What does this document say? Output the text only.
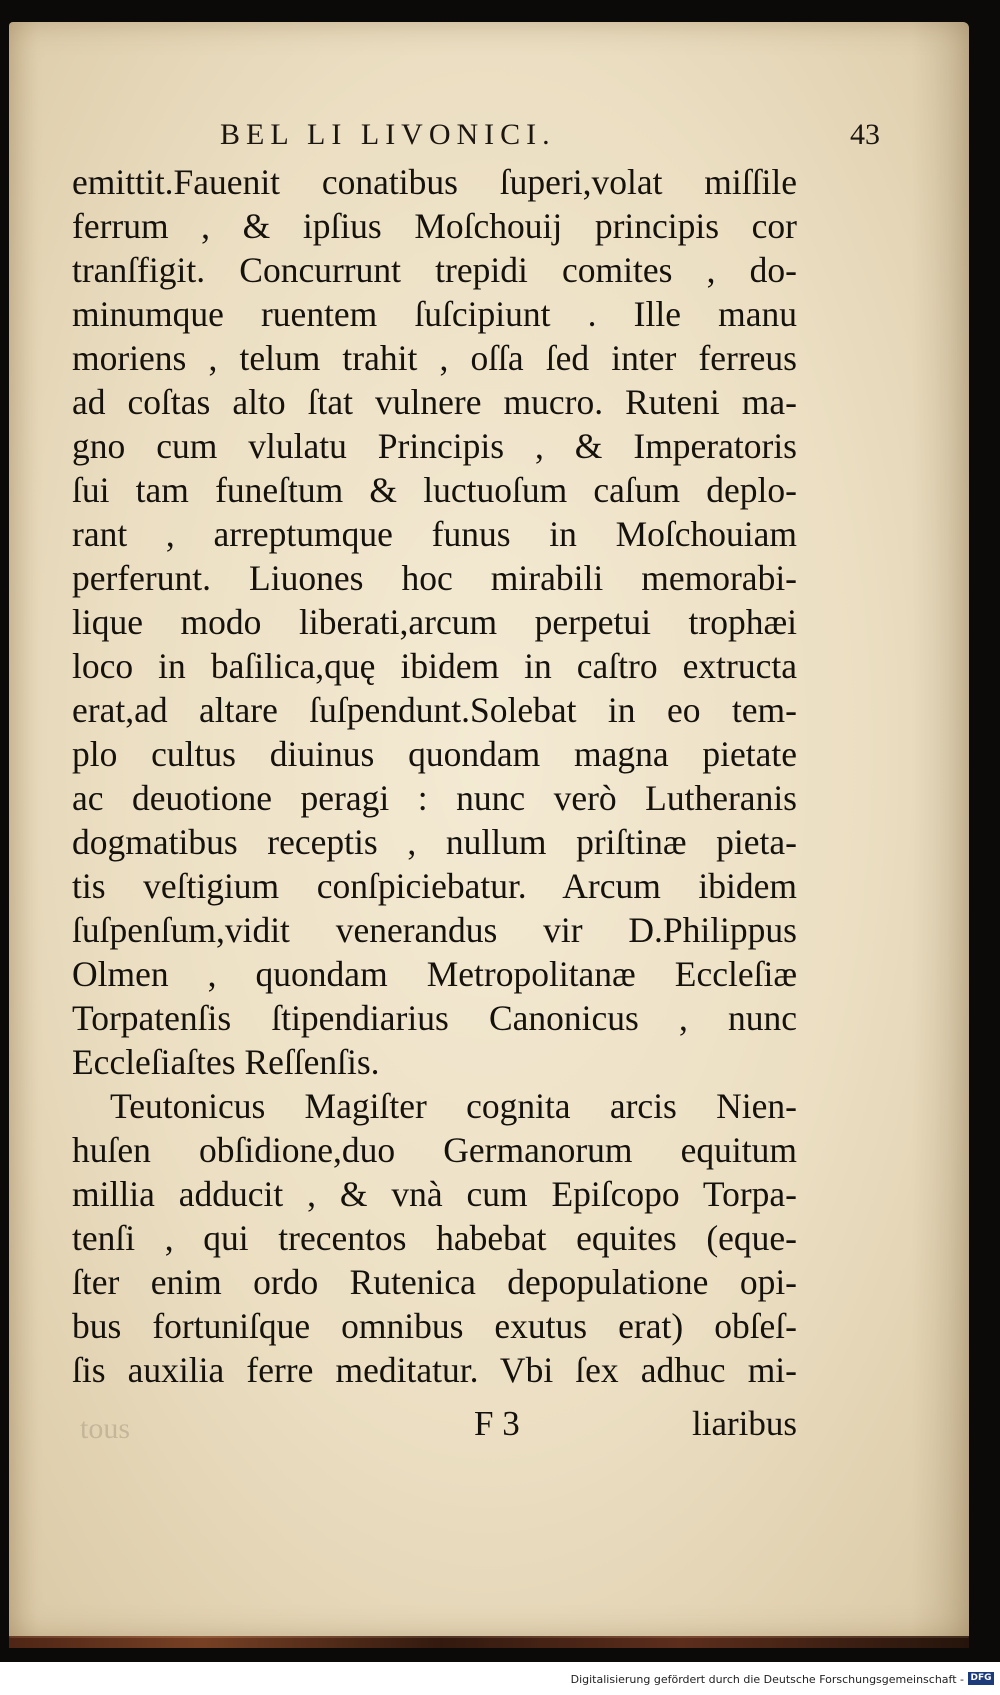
BEL LI LIVONICI.	43
emittit.Fauenit conatibus ſuperi,volat miſſile
ferrum , & ipſius Moſchouij principis cor
tranſfigit. Concurrunt trepidi comites , do-
minumque ruentem ſuſcipiunt . Ille manu
moriens , telum trahit , oſſa ſed inter ferreus
ad coſtas alto ſtat vulnere mucro. Ruteni ma-
gno cum vlulatu Principis , & Imperatoris
ſui tam funeſtum & luctuoſum caſum deplo-
rant , arreptumque funus in Moſchouiam
perferunt. Liuones hoc mirabili memorabi-
lique modo liberati,arcum perpetui trophæi
loco in baſilica,quę ibidem in caſtro extructa
erat,ad altare ſuſpendunt.Solebat in eo tem-
plo cultus diuinus quondam magna pietate
ac deuotione peragi : nunc verò Lutheranis
dogmatibus receptis , nullum priſtinæ pieta-
tis veſtigium conſpiciebatur. Arcum ibidem
ſuſpenſum,vidit venerandus vir D.Philippus
Olmen , quondam Metropolitanæ Eccleſiæ
Torpatenſis ſtipendiarius Canonicus , nunc
Eccleſiaſtes Reſſenſis.
Teutonicus Magiſter cognita arcis Nien-
huſen obſidione,duo Germanorum equitum
millia adducit , & vnà cum Epiſcopo Torpa-
tenſi , qui trecentos habebat equites (eque-
ſter enim ordo Rutenica depopulatione opi-
bus fortuniſque omnibus exutus erat) obſeſ-
ſis auxilia ferre meditatur. Vbi ſex adhuc mi-
tous	F 3	liaribus
Digitalisierung gefördert durch die Deutsche Forschungsgemeinschaft - DFG
